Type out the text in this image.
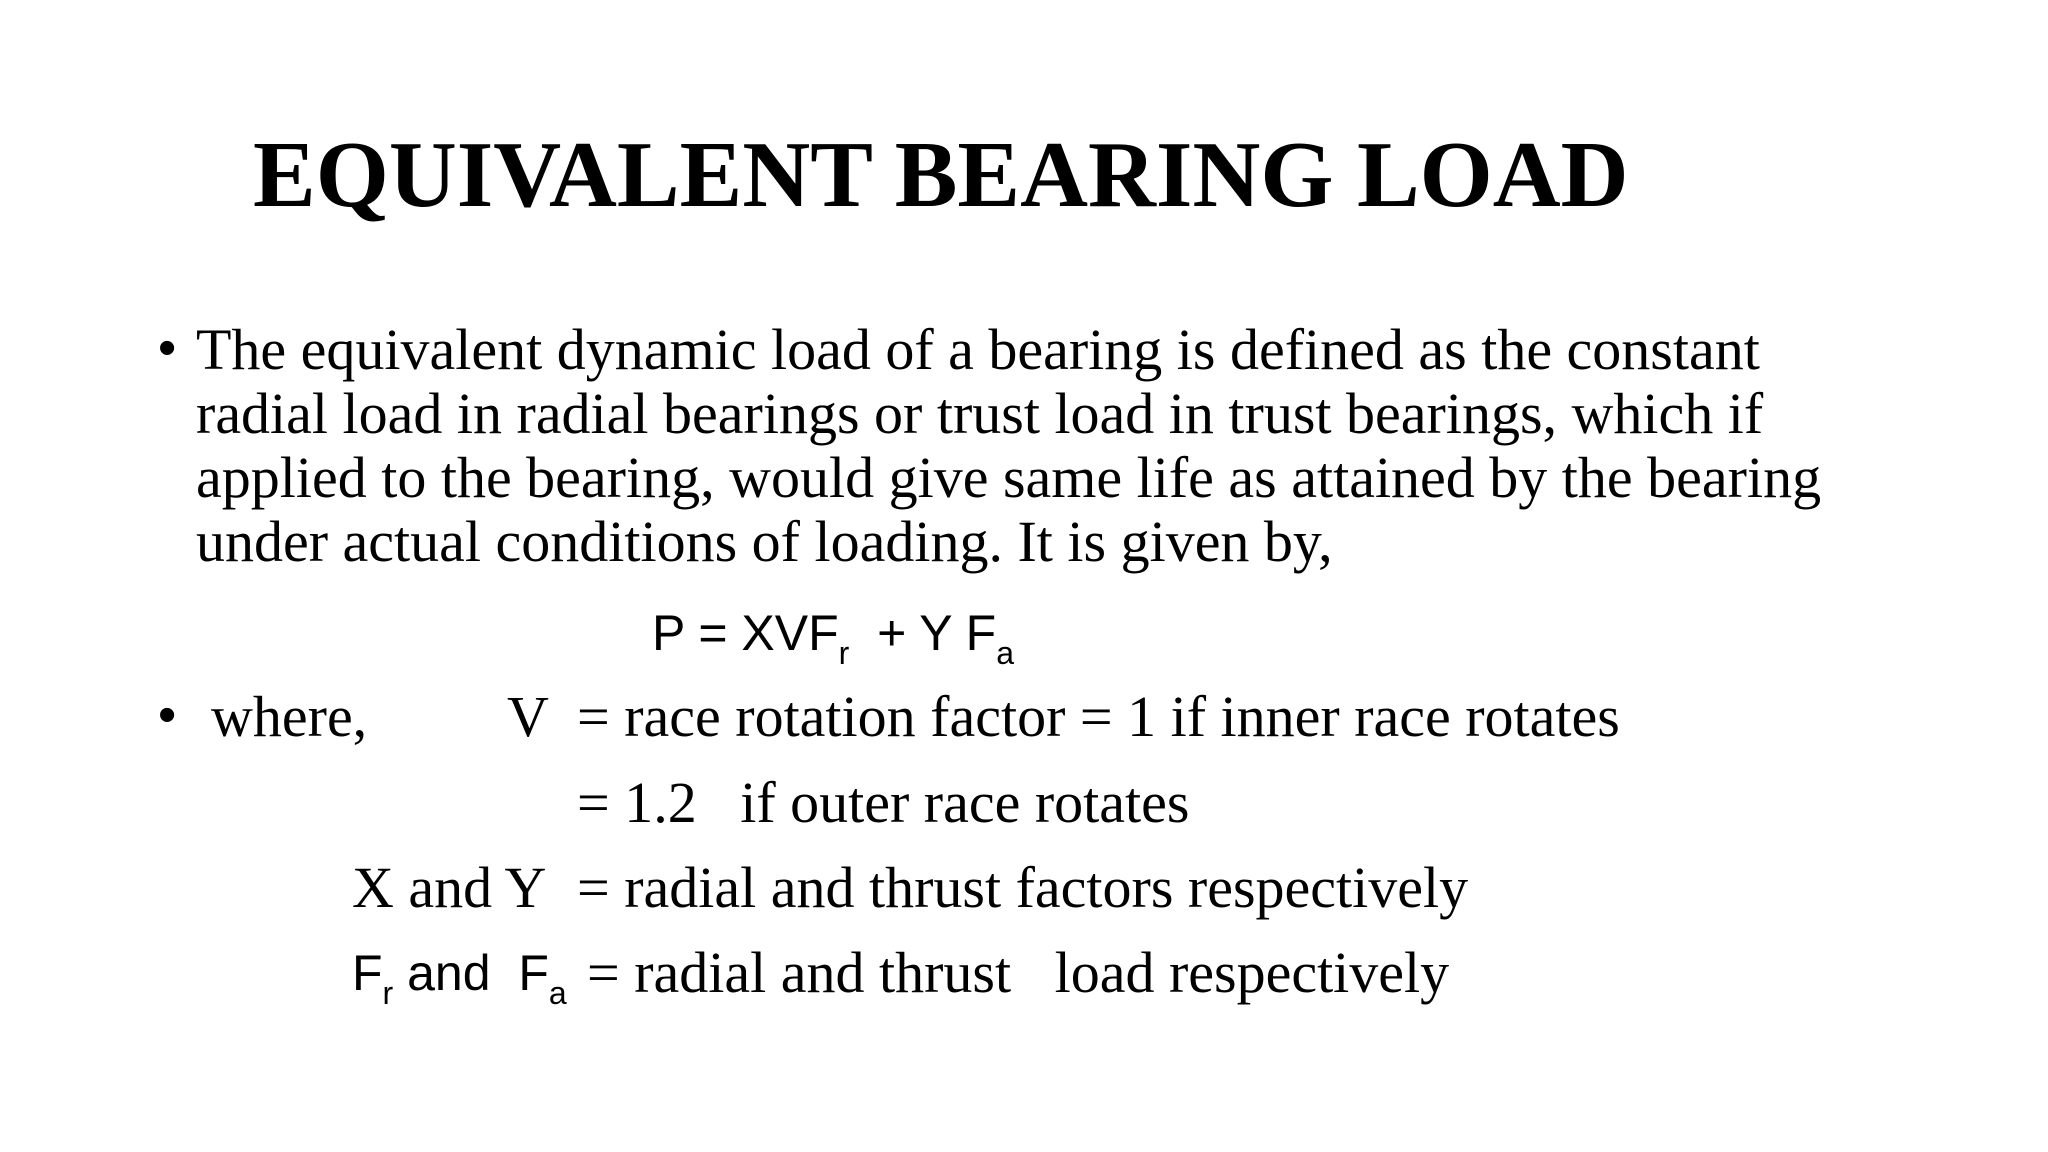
EQUIVALENT BEARING LOAD
• The equivalent dynamic load of a bearing is defined as the constant
radial load in radial bearings or trust load in trust bearings, which if
applied to the bearing, would give same life as attained by the bearing
under actual conditions of loading. It is given by,
$P = XVF_r + Y$ $F_a$
• where, V = race rotation factor = 1 if inner race rotates
= 1.2   if outer race rotates
X and Y = radial and thrust factors respectively
$F_r$ and  $F_a$ = radial and thrust   load respectively
